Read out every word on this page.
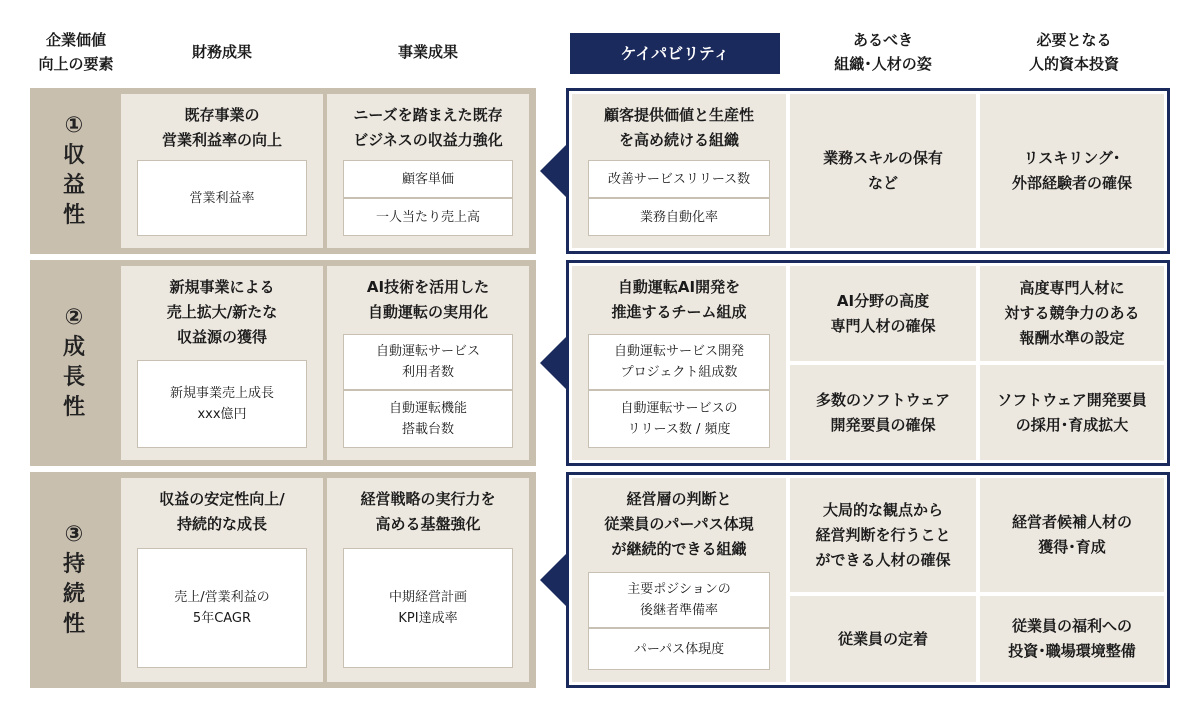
企業価値
向上の要素
財務成果	事業成果	ケイパビリティ
あるべき
組織･人材の姿
必要となる
人的資本投資
①
収
益
性
既存事業の
営業利益率の向上
営業利益率
ニーズを踏まえた既存
ビジネスの収益力強化
顧客単価
一人当たり売上高
顧客提供価値と生産性
を高め続ける組織
改善サービスリリース数
業務自動化率
業務スキルの保有
など
リスキリング･
外部経験者の確保
②
成
長
性
新規事業による
売上拡大/新たな
収益源の獲得
新規事業売上成長
xxx億円
AI技術を活用した
自動運転の実用化
自動運転サービス
利用者数
自動運転機能
搭載台数
自動運転AI開発を
推進するチーム組成
自動運転サービス開発
プロジェクト組成数
自動運転サービスの
リリース数 / 頻度
AI分野の高度
専門人材の確保
多数のソフトウェア
開発要員の確保
高度専門人材に
対する競争力のある
報酬水準の設定
ソフトウェア開発要員
の採用･育成拡大
③
持
続
性
収益の安定性向上/
持続的な成長
売上/営業利益の
5年CAGR
経営戦略の実行力を
高める基盤強化
中期経営計画
KPI達成率
経営層の判断と
従業員のパーパス体現
が継続的できる組織
主要ポジションの
後継者準備率
パーパス体現度
大局的な観点から
経営判断を行うこと
ができる人材の確保
従業員の定着
経営者候補人材の
獲得･育成
従業員の福利への
投資･職場環境整備
